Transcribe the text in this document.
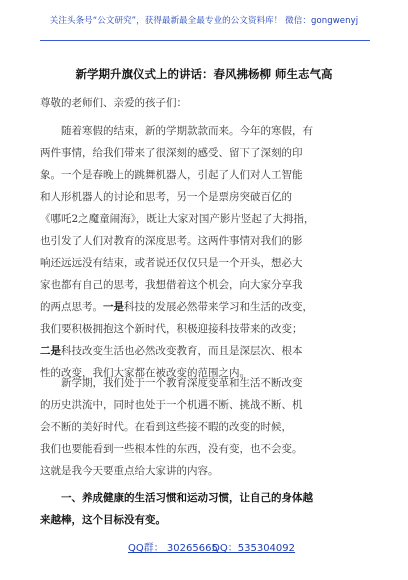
关注头条号“公文研究”，获得最新最全最专业的公文资料库！ 微信：gongwenyj
新学期升旗仪式上的讲话：春风拂杨柳 师生志气高
尊敬的老师们、亲爱的孩子们：
随着寒假的结束，新的学期款款而来。今年的寒假，有
两件事情，给我们带来了很深刻的感受、留下了深刻的印
象。一个是春晚上的跳舞机器人，引起了人们对人工智能
和人形机器人的讨论和思考，另一个是票房突破百亿的
《哪吒2之魔童闹海》，既让大家对国产影片竖起了大拇指，
也引发了人们对教育的深度思考。这两件事情对我们的影
响还远远没有结束，或者说还仅仅只是一个开头，想必大
家也都有自己的思考，我想借着这个机会，向大家分享我
的两点思考。一是科技的发展必然带来学习和生活的改变，
我们要积极拥抱这个新时代，积极迎接科技带来的改变；
二是科技改变生活也必然改变教育，而且是深层次、根本
性的改变，我们大家都在被改变的范围之内。
新学期，我们处于一个教育深度变革和生活不断改变
的历史洪流中，同时也处于一个机遇不断、挑战不断、机
会不断的美好时代。在看到这些接不暇的改变的时候，
我们也要能看到一些根本性的东西，没有变，也不会变。
这就是我今天要重点给大家讲的内容。
一、养成健康的生活习惯和运动习惯，让自己的身体越
来越棒，这个目标没有变。
QQ群： 30265665
QQ：535304092
